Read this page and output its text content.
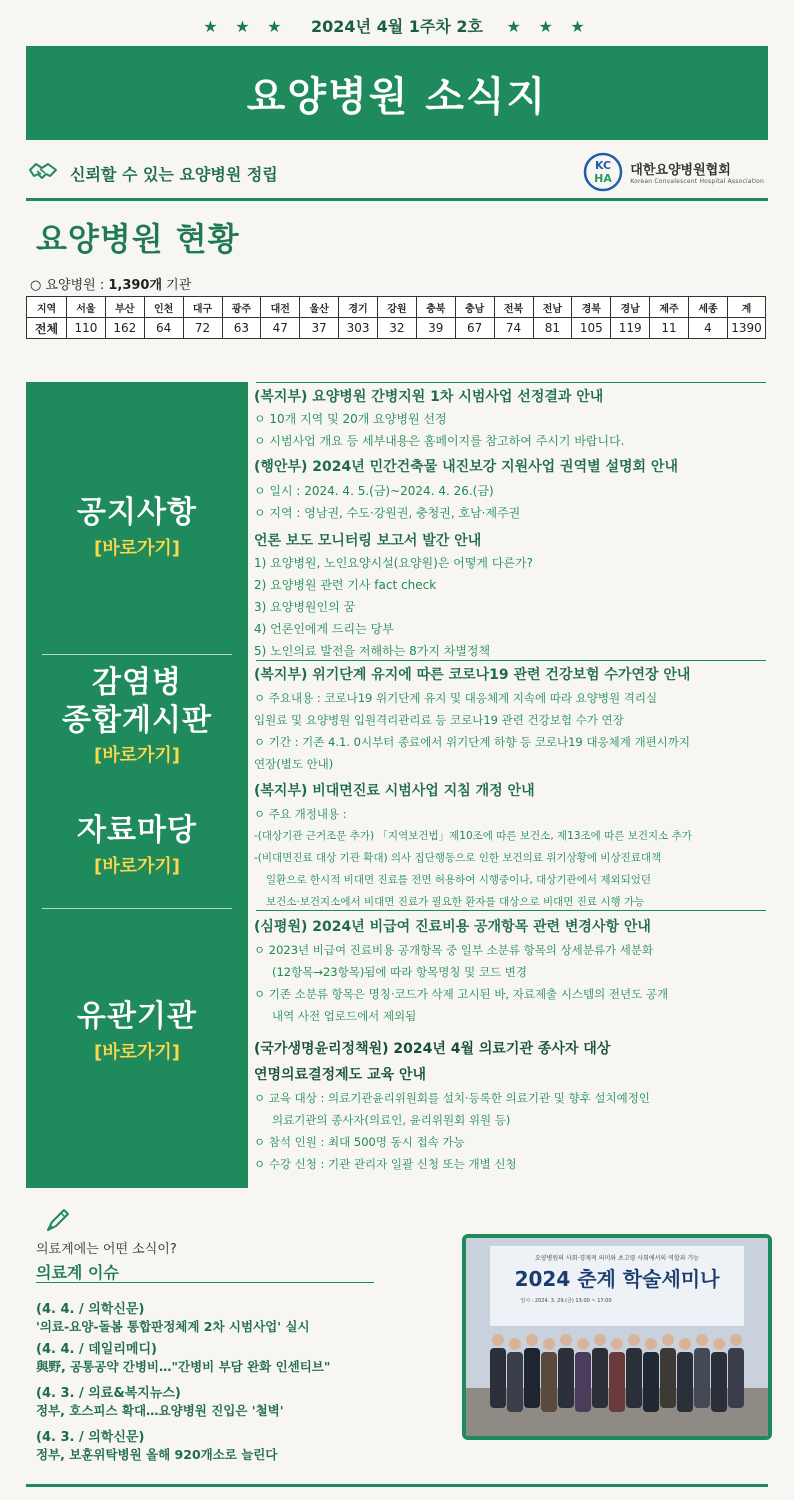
★ ★ ★ 2024년 4월 1주차 2호 ★ ★ ★
요양병원 소식지
신뢰할 수 있는 요양병원 정립	KC
HA
대한요양병원협회
Korean Convalescent Hospital Association
요양병원 현황
○ 요양병원 : 1,390개 기관
지역	서울	부산	인천	대구	광주	대전	울산	경기	강원	충북	충남	전북	전남	경북	경남	제주	세종	계
전체	110	162	64	72	63	47	37	303	32	39	67	74	81	105	119	11	4	1390
공지사항
[바로가기]
감염병
종합게시판
[바로가기]
자료마당
[바로가기]
유관기관
[바로가기]
(복지부) 요양병원 간병지원 1차 시범사업 선정결과 안내
ㅇ 10개 지역 및 20개 요양병원 선정
ㅇ 시범사업 개요 등 세부내용은 홈페이지를 참고하여 주시기 바랍니다.
(행안부) 2024년 민간건축물 내진보강 지원사업 권역별 설명회 안내
ㅇ 일시 : 2024. 4. 5.(금)~2024. 4. 26.(금)
ㅇ 지역 : 영남권, 수도·강원권, 충청권, 호남·제주권
언론 보도 모니터링 보고서 발간 안내
1) 요양병원, 노인요양시설(요양원)은 어떻게 다른가?
2) 요양병원 관련 기사 fact check
3) 요양병원인의 꿈
4) 언론인에게 드리는 당부
5) 노인의료 발전을 저해하는 8가지 차별정책
(복지부) 위기단계 유지에 따른 코로나19 관련 건강보험 수가연장 안내
ㅇ 주요내용 : 코로나19 위기단계 유지 및 대응체계 지속에 따라 요양병원 격리실
입원료 및 요양병원 입원격리관리료 등 코로나19 관련 건강보험 수가 연장
ㅇ 기간 : 기존 4.1. 0시부터 종료에서 위기단계 하향 등 코로나19 대응체계 개편시까지
연장(별도 안내)
(복지부) 비대면진료 시범사업 지침 개정 안내
ㅇ 주요 개정내용 :
-(대상기관 근거조문 추가) 「지역보건법」제10조에 따른 보건소, 제13조에 따른 보건지소 추가
-(비대면진료 대상 기관 확대) 의사 집단행동으로 인한 보건의료 위기상황에 비상진료대책
일환으로 한시적 비대면 진료를 전면 허용하여 시행중이나, 대상기관에서 제외되었던
보건소·보건지소에서 비대면 진료가 필요한 환자를 대상으로 비대면 진료 시행 가능
(심평원) 2024년 비급여 진료비용 공개항목 관련 변경사항 안내
ㅇ 2023년 비급여 진료비용 공개항목 중 일부 소분류 항목의 상세분류가 세분화
(12항목→23항목)됨에 따라 항목명칭 및 코드 변경
ㅇ 기존 소분류 항목은 명칭·코드가 삭제 고시된 바, 자료제출 시스템의 전년도 공개
내역 사전 업로드에서 제외됨
(국가생명윤리정책원) 2024년 4월 의료기관 종사자 대상
연명의료결정제도 교육 안내
ㅇ 교육 대상 : 의료기관윤리위원회를 설치·등록한 의료기관 및 향후 설치예정인
의료기관의 종사자(의료인, 윤리위원회 위원 등)
ㅇ 참석 인원 : 최대 500명 동시 접속 가능
ㅇ 수강 신청 : 기관 관리자 일괄 신청 또는 개별 신청
의료계에는 어떤 소식이?
의료계 이슈
(4. 4. / 의학신문)
'의료-요양-돌봄 통합판정체계 2차 시범사업' 실시
(4. 4. / 데일리메디)
與野, 공통공약 간병비…"간병비 부담 완화 인센티브"
(4. 3. / 의료&복지뉴스)
정부, 호스피스 확대…요양병원 진입은 '철벽'
(4. 3. / 의학신문)
정부, 보훈위탁병원 올해 920개소로 늘린다
요양병원의 사회·경제적 의미와 초고령 사회에서의 역할과 기능
2024 춘계 학술세미나
일시 : 2024. 3. 29.(금) 13:00 ~ 17:00
